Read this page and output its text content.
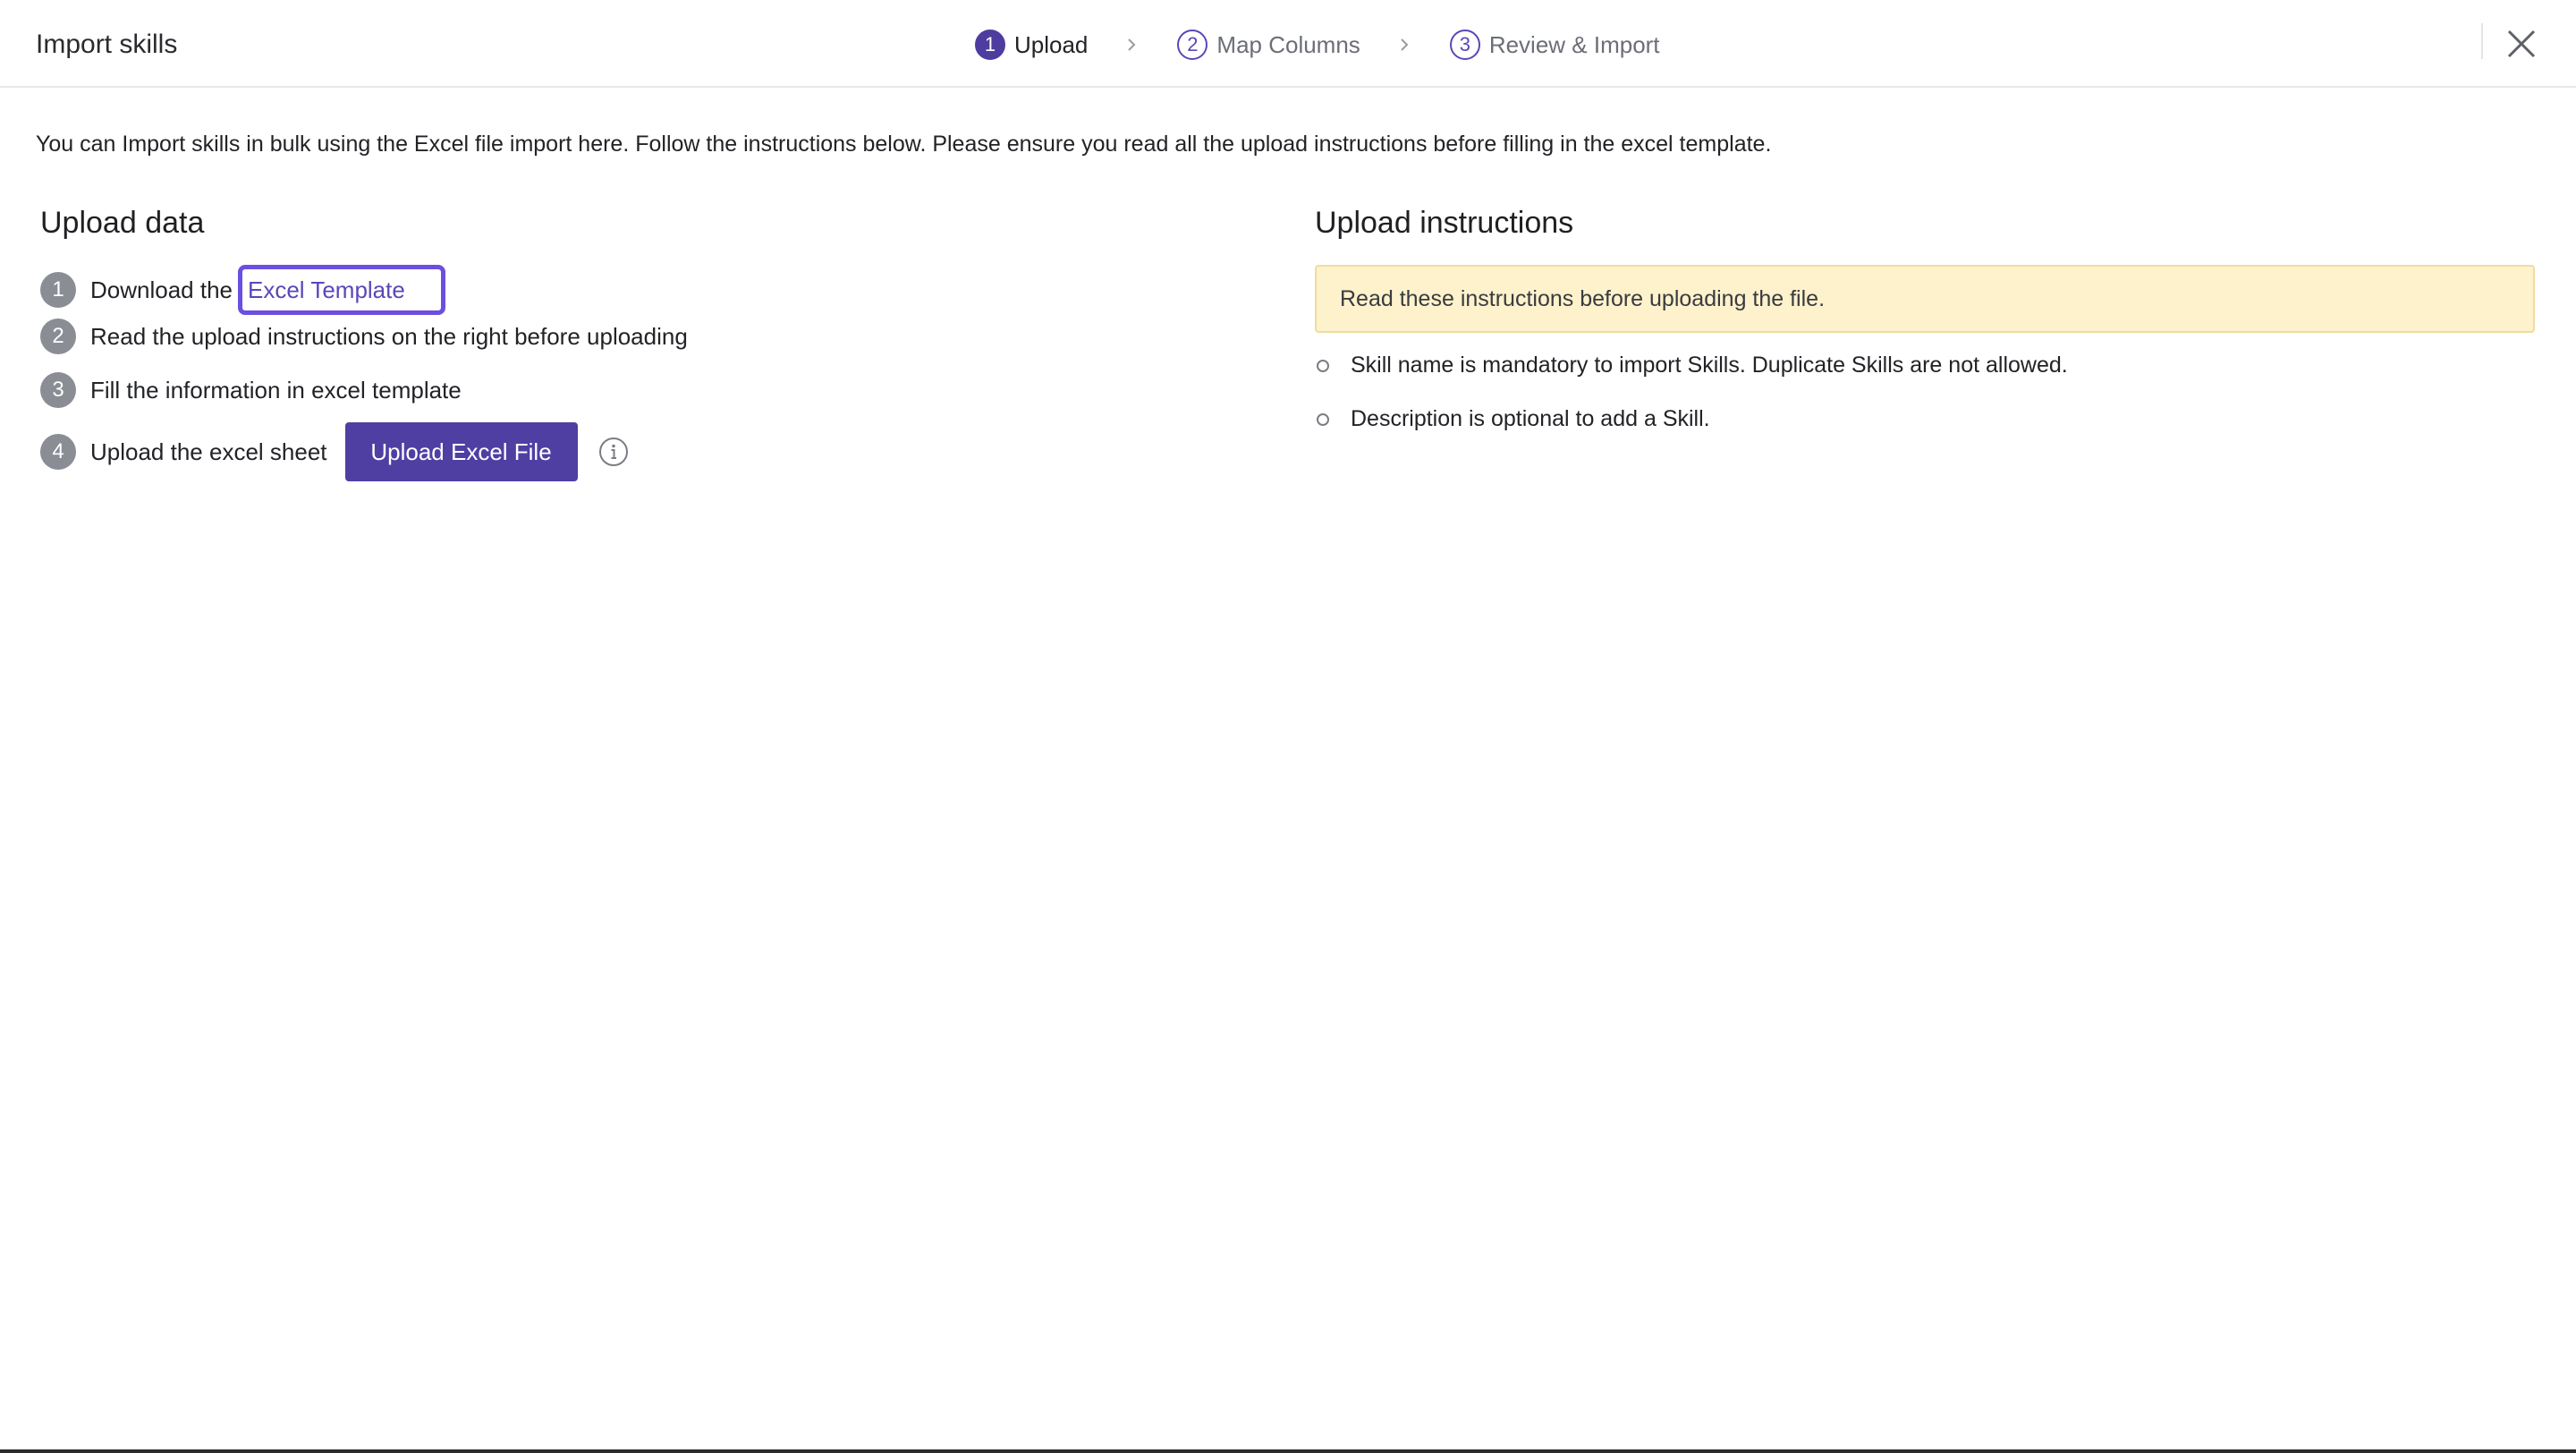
Import skills	1 Upload	2 Map Columns	3 Review & Import
You can Import skills in bulk using the Excel file import here. Follow the instructions below. Please ensure you read all the upload instructions before filling in the excel template.
Upload data
1	Download the Excel Template
2	Read the upload instructions on the right before uploading
3	Fill the information in excel template
4	Upload the excel sheet	Upload Excel File
Upload instructions
Read these instructions before uploading the file.
Skill name is mandatory to import Skills. Duplicate Skills are not allowed.
Description is optional to add a Skill.
